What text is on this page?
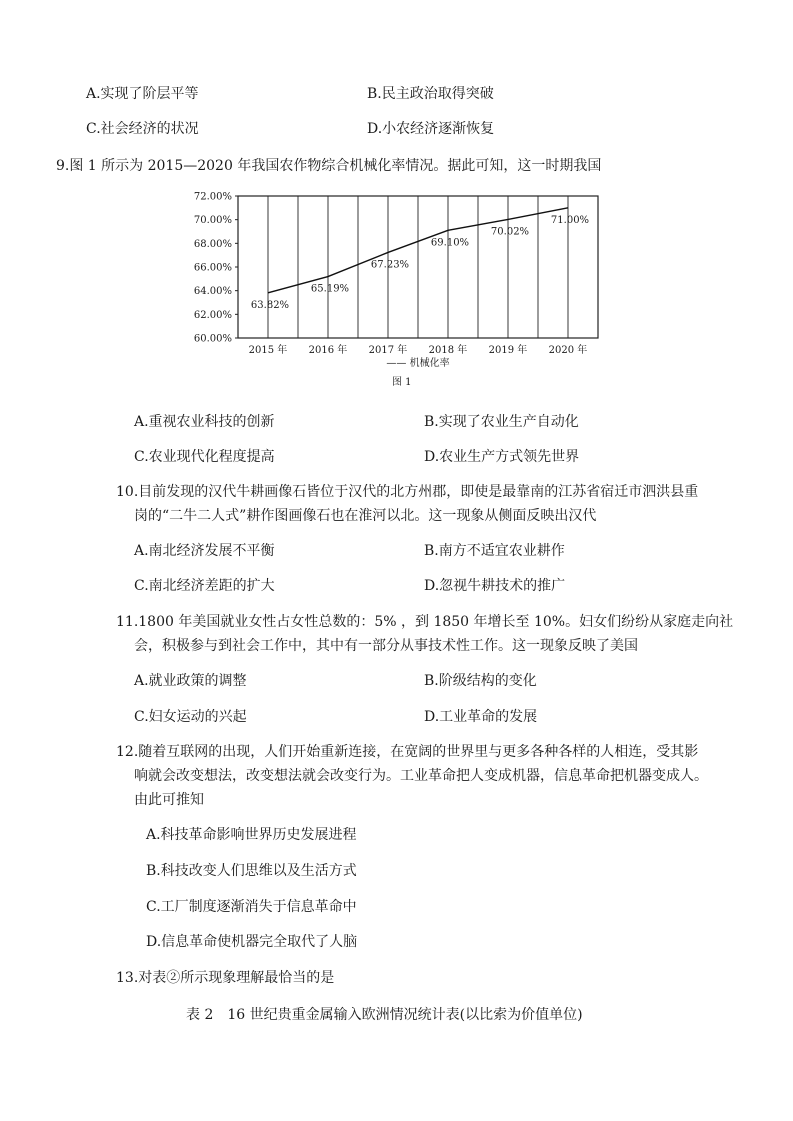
A.实现了阶层平等	B.民主政治取得突破
C.社会经济的状况	D.小农经济逐渐恢复
9.图 1 所示为 2015—2020 年我国农作物综合机械化率情况。据此可知，这一时期我国
60.00%
62.00%
64.00%
66.00%
68.00%
70.00%
72.00%
2015 年 2016 年 2017 年 2018 年 2019 年 2020 年
63.82%
65.19%
67.23%
69.10%
70.02%
71.00%
—— 机械化率
图 1
A.重视农业科技的创新	B.实现了农业生产自动化
C.农业现代化程度提高	D.农业生产方式领先世界
10.目前发现的汉代牛耕画像石皆位于汉代的北方州郡，即使是最靠南的江苏省宿迁市泗洪县重
岗的“二牛二人式”耕作图画像石也在淮河以北。这一现象从侧面反映出汉代
A.南北经济发展不平衡	B.南方不适宜农业耕作
C.南北经济差距的扩大	D.忽视牛耕技术的推广
11.1800 年美国就业女性占女性总数的：5% ，到 1850 年增长至 10%。妇女们纷纷从家庭走向社
会，积极参与到社会工作中，其中有一部分从事技术性工作。这一现象反映了美国
A.就业政策的调整	B.阶级结构的变化
C.妇女运动的兴起	D.工业革命的发展
12.随着互联网的出现，人们开始重新连接，在宽阔的世界里与更多各种各样的人相连，受其影
响就会改变想法，改变想法就会改变行为。工业革命把人变成机器，信息革命把机器变成人。
由此可推知
A.科技革命影响世界历史发展进程
B.科技改变人们思维以及生活方式
C.工厂制度逐渐消失于信息革命中
D.信息革命使机器完全取代了人脑
13.对表②所示现象理解最恰当的是
表 2　16 世纪贵重金属输入欧洲情况统计表(以比索为价值单位)
